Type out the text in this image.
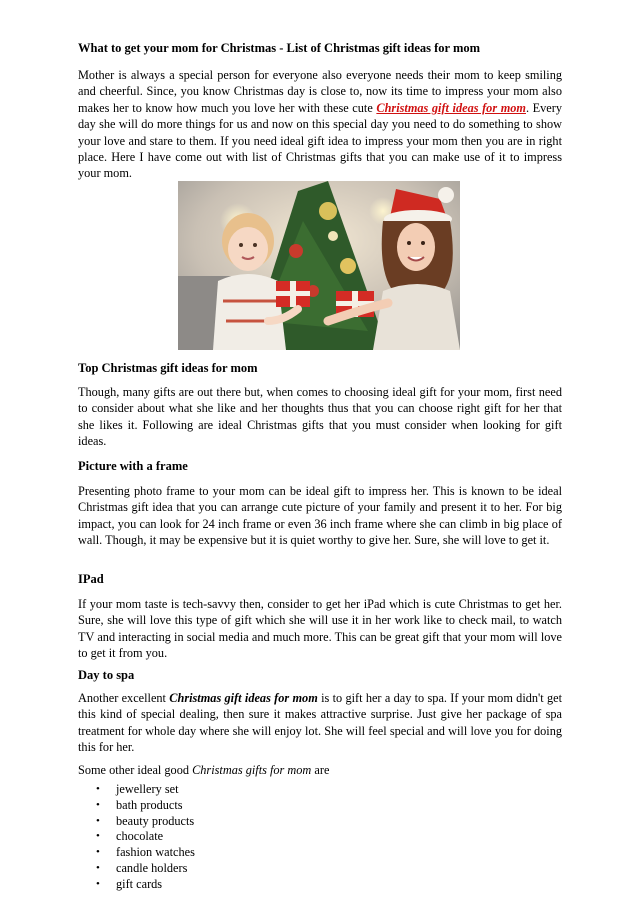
What to get your mom for Christmas - List of Christmas gift ideas for mom

Mother is always a special person for everyone also everyone needs their mom to keep smiling and cheerful. Since, you know Christmas day is close to, now its time to impress your mom also makes her to know how much you love her with these cute Christmas gift ideas for mom. Every day she will do more things for us and now on this special day you need to do something to show your love and stare to them. If you need ideal gift idea to impress your mom then you are in right place. Here I have come out with list of Christmas gifts that you can make use of it to impress your mom.

Top Christmas gift ideas for mom

Though, many gifts are out there but, when comes to choosing ideal gift for your mom, first need to consider about what she like and her thoughts thus that you can choose right gift for her that she likes it. Following are ideal Christmas gifts that you must consider when looking for gift ideas.

Picture with a frame

Presenting photo frame to your mom can be ideal gift to impress her. This is known to be ideal Christmas gift idea that you can arrange cute picture of your family and present it to her. For big impact, you can look for 24 inch frame or even 36 inch frame where she can climb in big place of wall. Though, it may be expensive but it is quiet worthy to give her. Sure, she will love to get it.

IPad

If your mom taste is tech-savvy then, consider to get her iPad which is cute Christmas to get her. Sure, she will love this type of gift which she will use it in her work like to check mail, to watch TV and interacting in social media and much more. This can be great gift that your mom will love to get it from you.

Day to spa

Another excellent Christmas gift ideas for mom is to gift her a day to spa. If your mom didn't get this kind of special dealing, then sure it makes attractive surprise. Just give her package of spa treatment for whole day where she will enjoy lot. She will feel special and will love you for doing this for her.

Some other ideal good Christmas gifts for mom are

• jewellery set
• bath products
• beauty products
• chocolate
• fashion watches
• candle holders
• gift cards
